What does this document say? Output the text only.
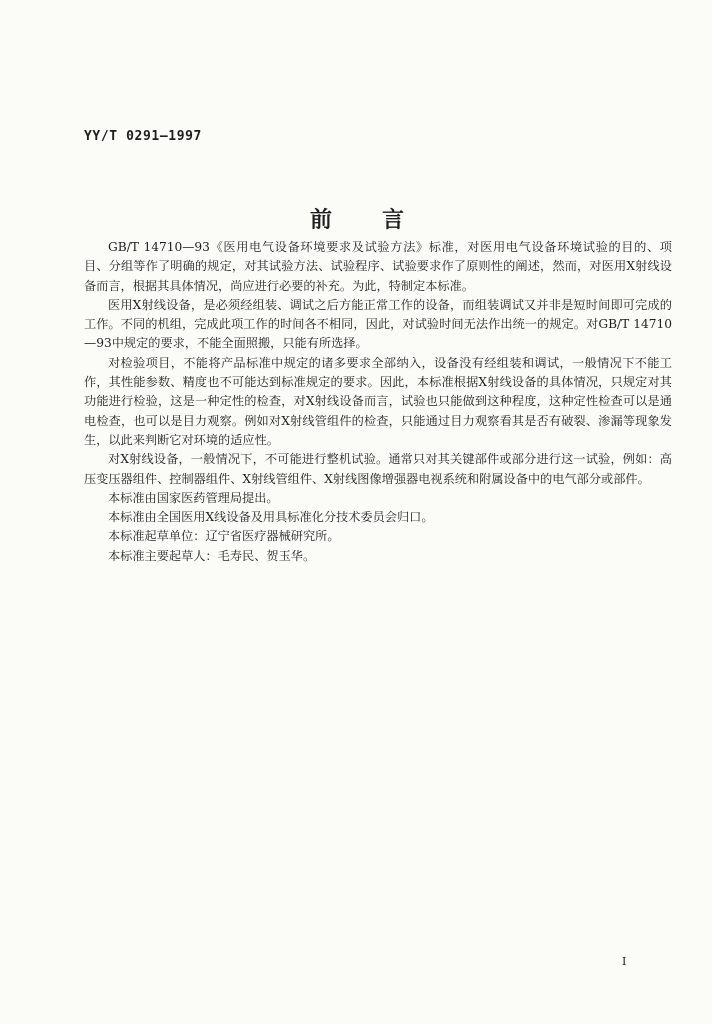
YY/T 0291—1997
前言

GB/T 14710—93《医用电气设备环境要求及试验方法》标准，对医用电气设备环境试验的目的、项目、分组等作了明确的规定，对其试验方法、试验程序、试验要求作了原则性的阐述，然而，对医用X射线设备而言，根据其具体情况，尚应进行必要的补充。为此，特制定本标准。

医用X射线设备，是必须经组装、调试之后方能正常工作的设备，而组装调试又并非是短时间即可完成的工作。不同的机组，完成此项工作的时间各不相同，因此，对试验时间无法作出统一的规定。对GB/T 14710—93中规定的要求，不能全面照搬，只能有所选择。

对检验项目，不能将产品标准中规定的诸多要求全部纳入，设备没有经组装和调试，一般情况下不能工作，其性能参数、精度也不可能达到标准规定的要求。因此，本标准根据X射线设备的具体情况，只规定对其功能进行检验，这是一种定性的检查，对X射线设备而言，试验也只能做到这种程度，这种定性检查可以是通电检查，也可以是目力观察。例如对X射线管组件的检查，只能通过目力观察看其是否有破裂、渗漏等现象发生，以此来判断它对环境的适应性。

对X射线设备，一般情况下，不可能进行整机试验。通常只对其关键部件或部分进行这一试验，例如：高压变压器组件、控制器组件、X射线管组件、X射线图像增强器电视系统和附属设备中的电气部分或部件。

本标准由国家医药管理局提出。

本标准由全国医用X线设备及用具标准化分技术委员会归口。

本标准起草单位：辽宁省医疗器械研究所。

本标准主要起草人：毛寿民、贺玉华。

I
